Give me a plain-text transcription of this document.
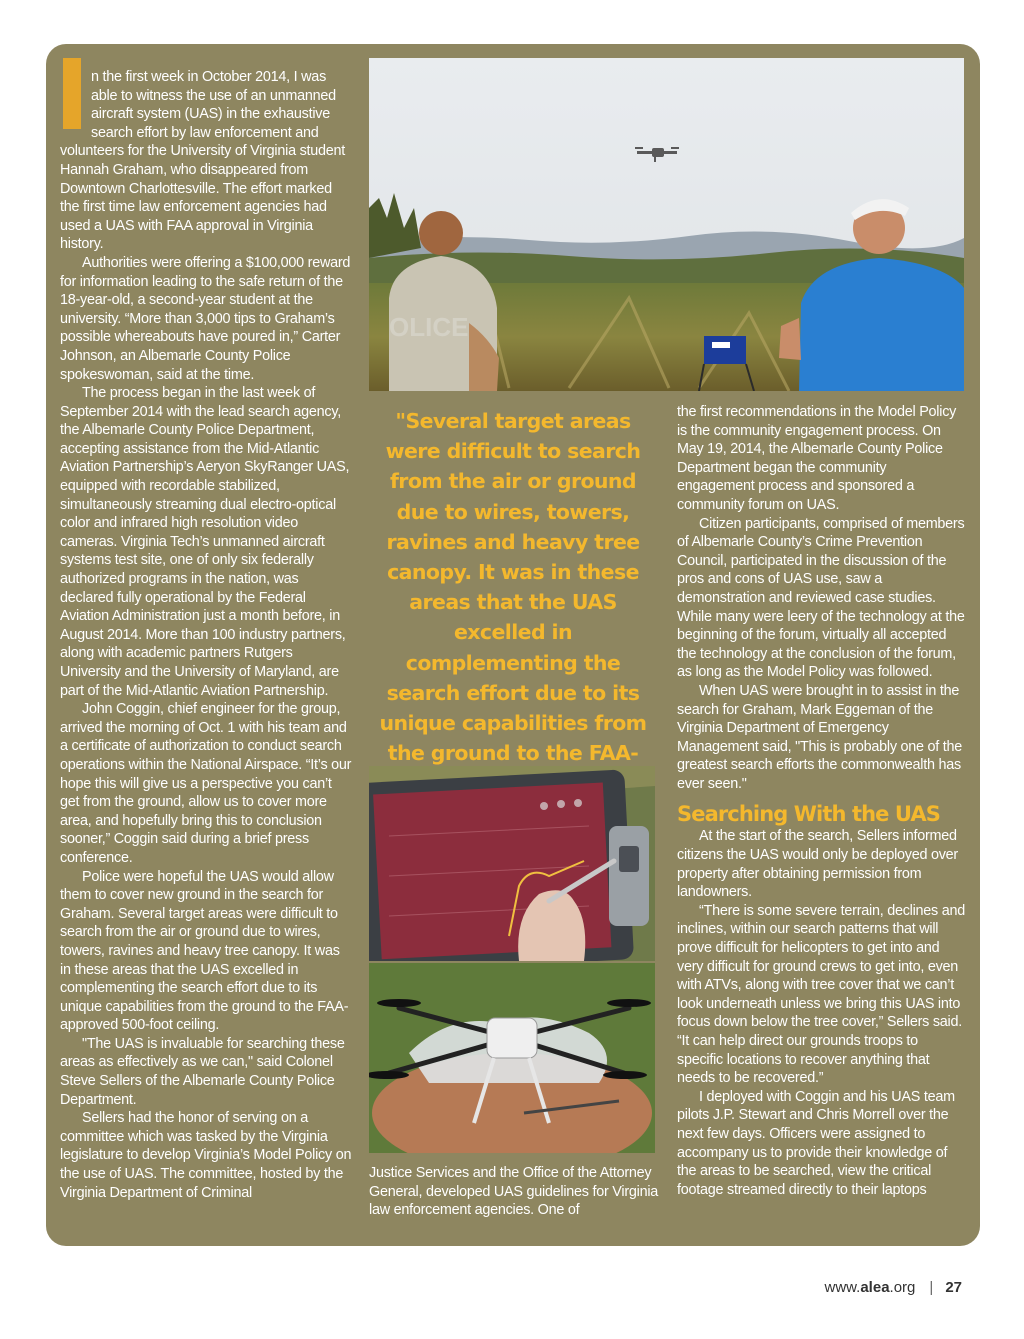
n the first week in October 2014, I was able to witness the use of an unmanned aircraft system (UAS) in the exhaustive search effort by law enforcement and volunteers for the University of Virginia student Hannah Graham, who disappeared from Downtown Charlottesville. The effort marked the first time law enforcement agencies had used a UAS with FAA approval in Virginia history.

Authorities were offering a $100,000 reward for information leading to the safe return of the 18-year-old, a second-year student at the university. “More than 3,000 tips to Graham’s possible whereabouts have poured in,” Carter Johnson, an Albemarle County Police spokeswoman, said at the time.

The process began in the last week of September 2014 with the lead search agency, the Albemarle County Police Department, accepting assistance from the Mid-Atlantic Aviation Partnership’s Aeryon SkyRanger UAS, equipped with recordable stabilized, simultaneously streaming dual electro-optical color and infrared high resolution video cameras. Virginia Tech’s unmanned aircraft systems test site, one of only six federally authorized programs in the nation, was declared fully operational by the Federal Aviation Administration just a month before, in August 2014. More than 100 industry partners, along with academic partners Rutgers University and the University of Maryland, are part of the Mid-Atlantic Aviation Partnership.

John Coggin, chief engineer for the group, arrived the morning of Oct. 1 with his team and a certificate of authorization to conduct search operations within the National Airspace. “It’s our hope this will give us a perspective you can’t get from the ground, allow us to cover more area, and hopefully bring this to conclusion sooner,” Coggin said during a brief press conference.

Police were hopeful the UAS would allow them to cover new ground in the search for Graham. Several target areas were difficult to search from the air or ground due to wires, towers, ravines and heavy tree canopy. It was in these areas that the UAS excelled in complementing the search effort due to its unique capabilities from the ground to the FAA-approved 500-foot ceiling.

"The UAS is invaluable for searching these areas as effectively as we can," said Colonel Steve Sellers of the Albemarle County Police Department.

Sellers had the honor of serving on a committee which was tasked by the Virginia legislature to develop Virginia’s Model Policy on the use of UAS. The committee, hosted by the Virginia Department of Criminal

OLICE
"Several target areas were difficult to search from the air or ground due to wires, towers, ravines and heavy tree canopy. It was in these areas that the UAS excelled in complementing the search effort due to its unique capabilities from the ground to the FAA-

Justice Services and the Office of the Attorney General, developed UAS guidelines for Virginia law enforcement agencies. One of

the first recommendations in the Model Policy is the community engagement process. On May 19, 2014, the Albemarle County Police Department began the community engagement process and sponsored a community forum on UAS.

Citizen participants, comprised of members of Albemarle County’s Crime Prevention Council, participated in the discussion of the pros and cons of UAS use, saw a demonstration and reviewed case studies. While many were leery of the technology at the beginning of the forum, virtually all accepted the technology at the conclusion of the forum, as long as the Model Policy was followed.

When UAS were brought in to assist in the search for Graham, Mark Eggeman of the Virginia Department of Emergency Management said, "This is probably one of the greatest search efforts the commonwealth has ever seen."

Searching With the UAS

At the start of the search, Sellers informed citizens the UAS would only be deployed over property after obtaining permission from landowners.

“There is some severe terrain, declines and inclines, within our search patterns that will prove difficult for helicopters to get into and very difficult for ground crews to get into, even with ATVs, along with tree cover that we can’t look underneath unless we bring this UAS into focus down below the tree cover,” Sellers said. “It can help direct our grounds troops to specific locations to recover anything that needs to be recovered.”

I deployed with Coggin and his UAS team pilots J.P. Stewart and Chris Morrell over the next few days. Officers were assigned to accompany us to provide their knowledge of the areas to be searched, view the critical footage streamed directly to their laptops

www.alea.org | 27
